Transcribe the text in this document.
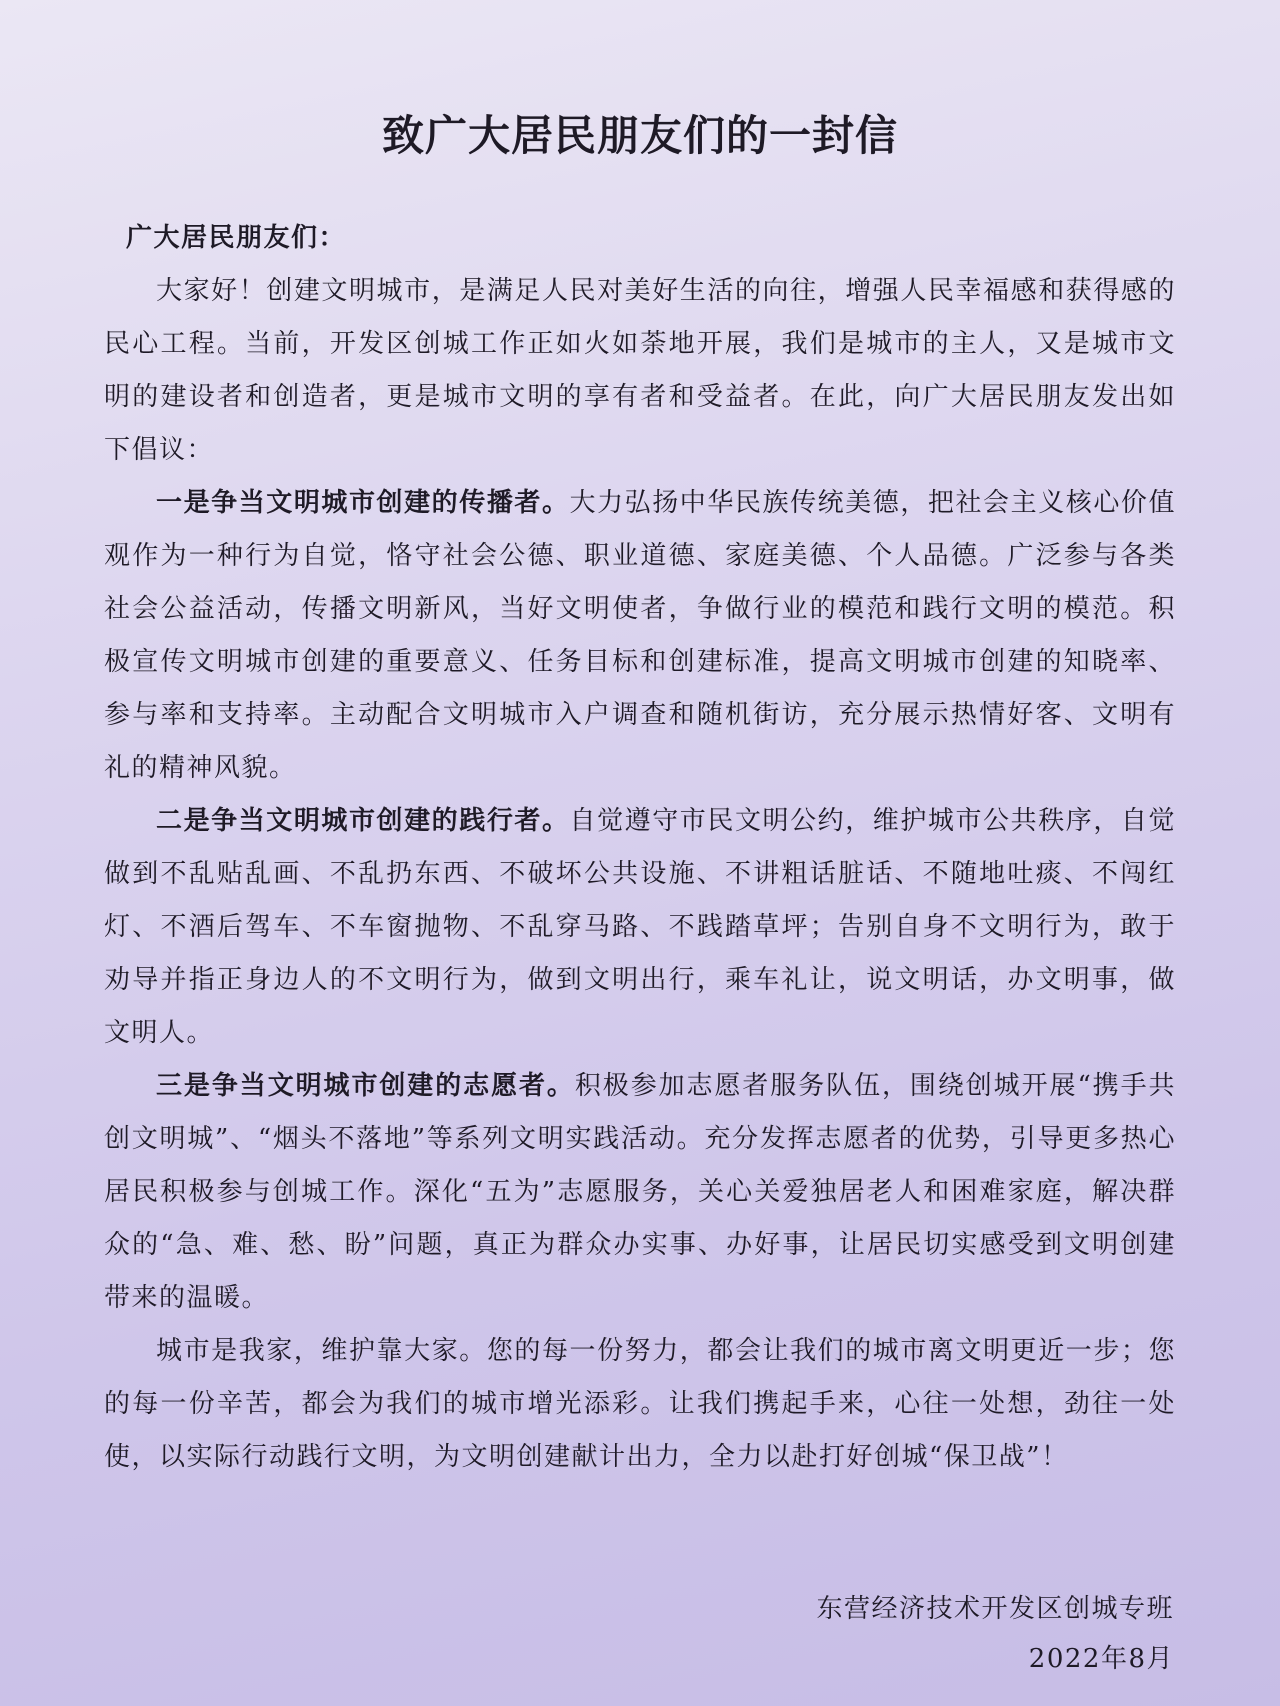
致广大居民朋友们的一封信

广大居民朋友们：

大家好！创建文明城市，是满足人民对美好生活的向往，增强人民幸福感和获得感的民心工程。当前，开发区创城工作正如火如荼地开展，我们是城市的主人，又是城市文明的建设者和创造者，更是城市文明的享有者和受益者。在此，向广大居民朋友发出如下倡议：

一是争当文明城市创建的传播者。大力弘扬中华民族传统美德，把社会主义核心价值观作为一种行为自觉，恪守社会公德、职业道德、家庭美德、个人品德。广泛参与各类社会公益活动，传播文明新风，当好文明使者，争做行业的模范和践行文明的模范。积极宣传文明城市创建的重要意义、任务目标和创建标准，提高文明城市创建的知晓率、参与率和支持率。主动配合文明城市入户调查和随机街访，充分展示热情好客、文明有礼的精神风貌。

二是争当文明城市创建的践行者。自觉遵守市民文明公约，维护城市公共秩序，自觉做到不乱贴乱画、不乱扔东西、不破坏公共设施、不讲粗话脏话、不随地吐痰、不闯红灯、不酒后驾车、不车窗抛物、不乱穿马路、不践踏草坪；告别自身不文明行为，敢于劝导并指正身边人的不文明行为，做到文明出行，乘车礼让，说文明话，办文明事，做文明人。

三是争当文明城市创建的志愿者。积极参加志愿者服务队伍，围绕创城开展“携手共创文明城”、“烟头不落地”等系列文明实践活动。充分发挥志愿者的优势，引导更多热心居民积极参与创城工作。深化“五为”志愿服务，关心关爱独居老人和困难家庭，解决群众的“急、难、愁、盼”问题，真正为群众办实事、办好事，让居民切实感受到文明创建带来的温暖。

城市是我家，维护靠大家。您的每一份努力，都会让我们的城市离文明更近一步；您的每一份辛苦，都会为我们的城市增光添彩。让我们携起手来，心往一处想，劲往一处使，以实际行动践行文明，为文明创建献计出力，全力以赴打好创城“保卫战”！

东营经济技术开发区创城专班
2022年8月
